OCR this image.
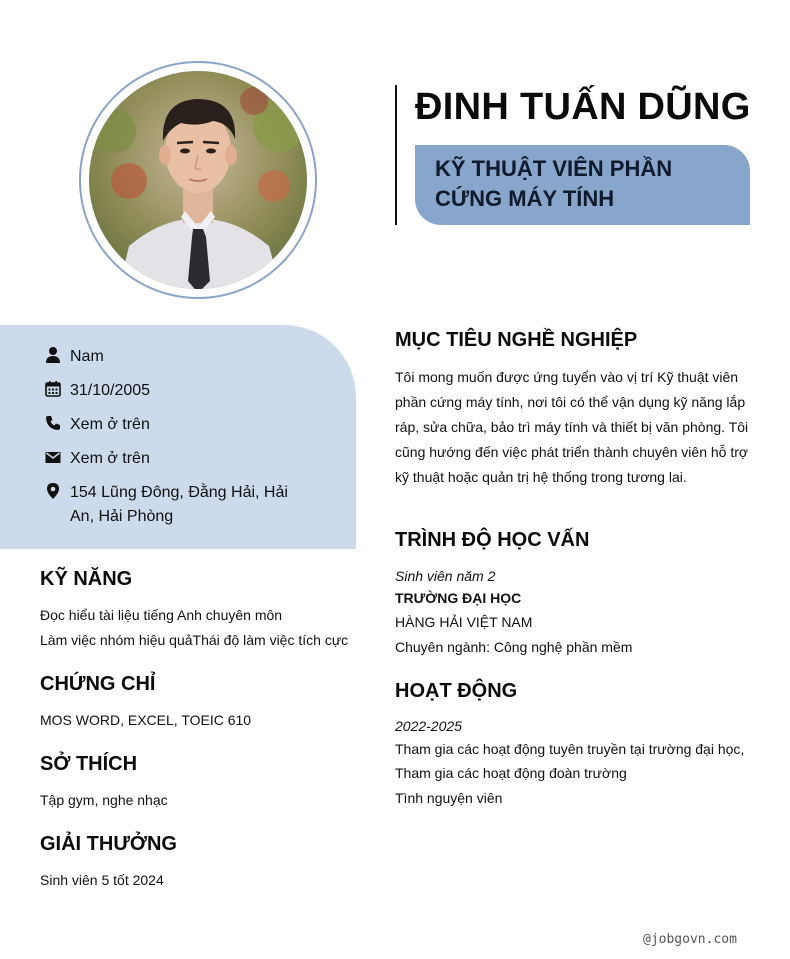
ĐINH TUẤN DŨNG
KỸ THUẬT VIÊN PHẦN
CỨNG MÁY TÍNH
Nam
31/10/2005
Xem ở trên
Xem ở trên
154 Lũng Đông, Đằng Hải, Hải An, Hải Phòng
KỸ NĂNG
Đọc hiểu tài liệu tiếng Anh chuyên môn
Làm việc nhóm hiệu quảThái độ làm việc tích cực
CHỨNG CHỈ
MOS WORD, EXCEL, TOEIC 610
SỞ THÍCH
Tập gym, nghe nhạc
GIẢI THƯỞNG
Sinh viên 5 tốt 2024
MỤC TIÊU NGHỀ NGHIỆP
Tôi mong muốn được ứng tuyển vào vị trí Kỹ thuật viên phần cứng máy tính, nơi tôi có thể vận dụng kỹ năng lắp ráp, sửa chữa, bảo trì máy tính và thiết bị văn phòng. Tôi cũng hướng đến việc phát triển thành chuyên viên hỗ trợ kỹ thuật hoặc quản trị hệ thống trong tương lai.
TRÌNH ĐỘ HỌC VẤN
Sinh viên năm 2
TRƯỜNG ĐẠI HỌC
HÀNG HẢI VIỆT NAM
Chuyên ngành: Công nghệ phần mềm
HOẠT ĐỘNG
2022-2025
Tham gia các hoạt động tuyên truyền tại trường đại học,
Tham gia các hoạt động đoàn trường
Tình nguyện viên
@jobgovn.com
